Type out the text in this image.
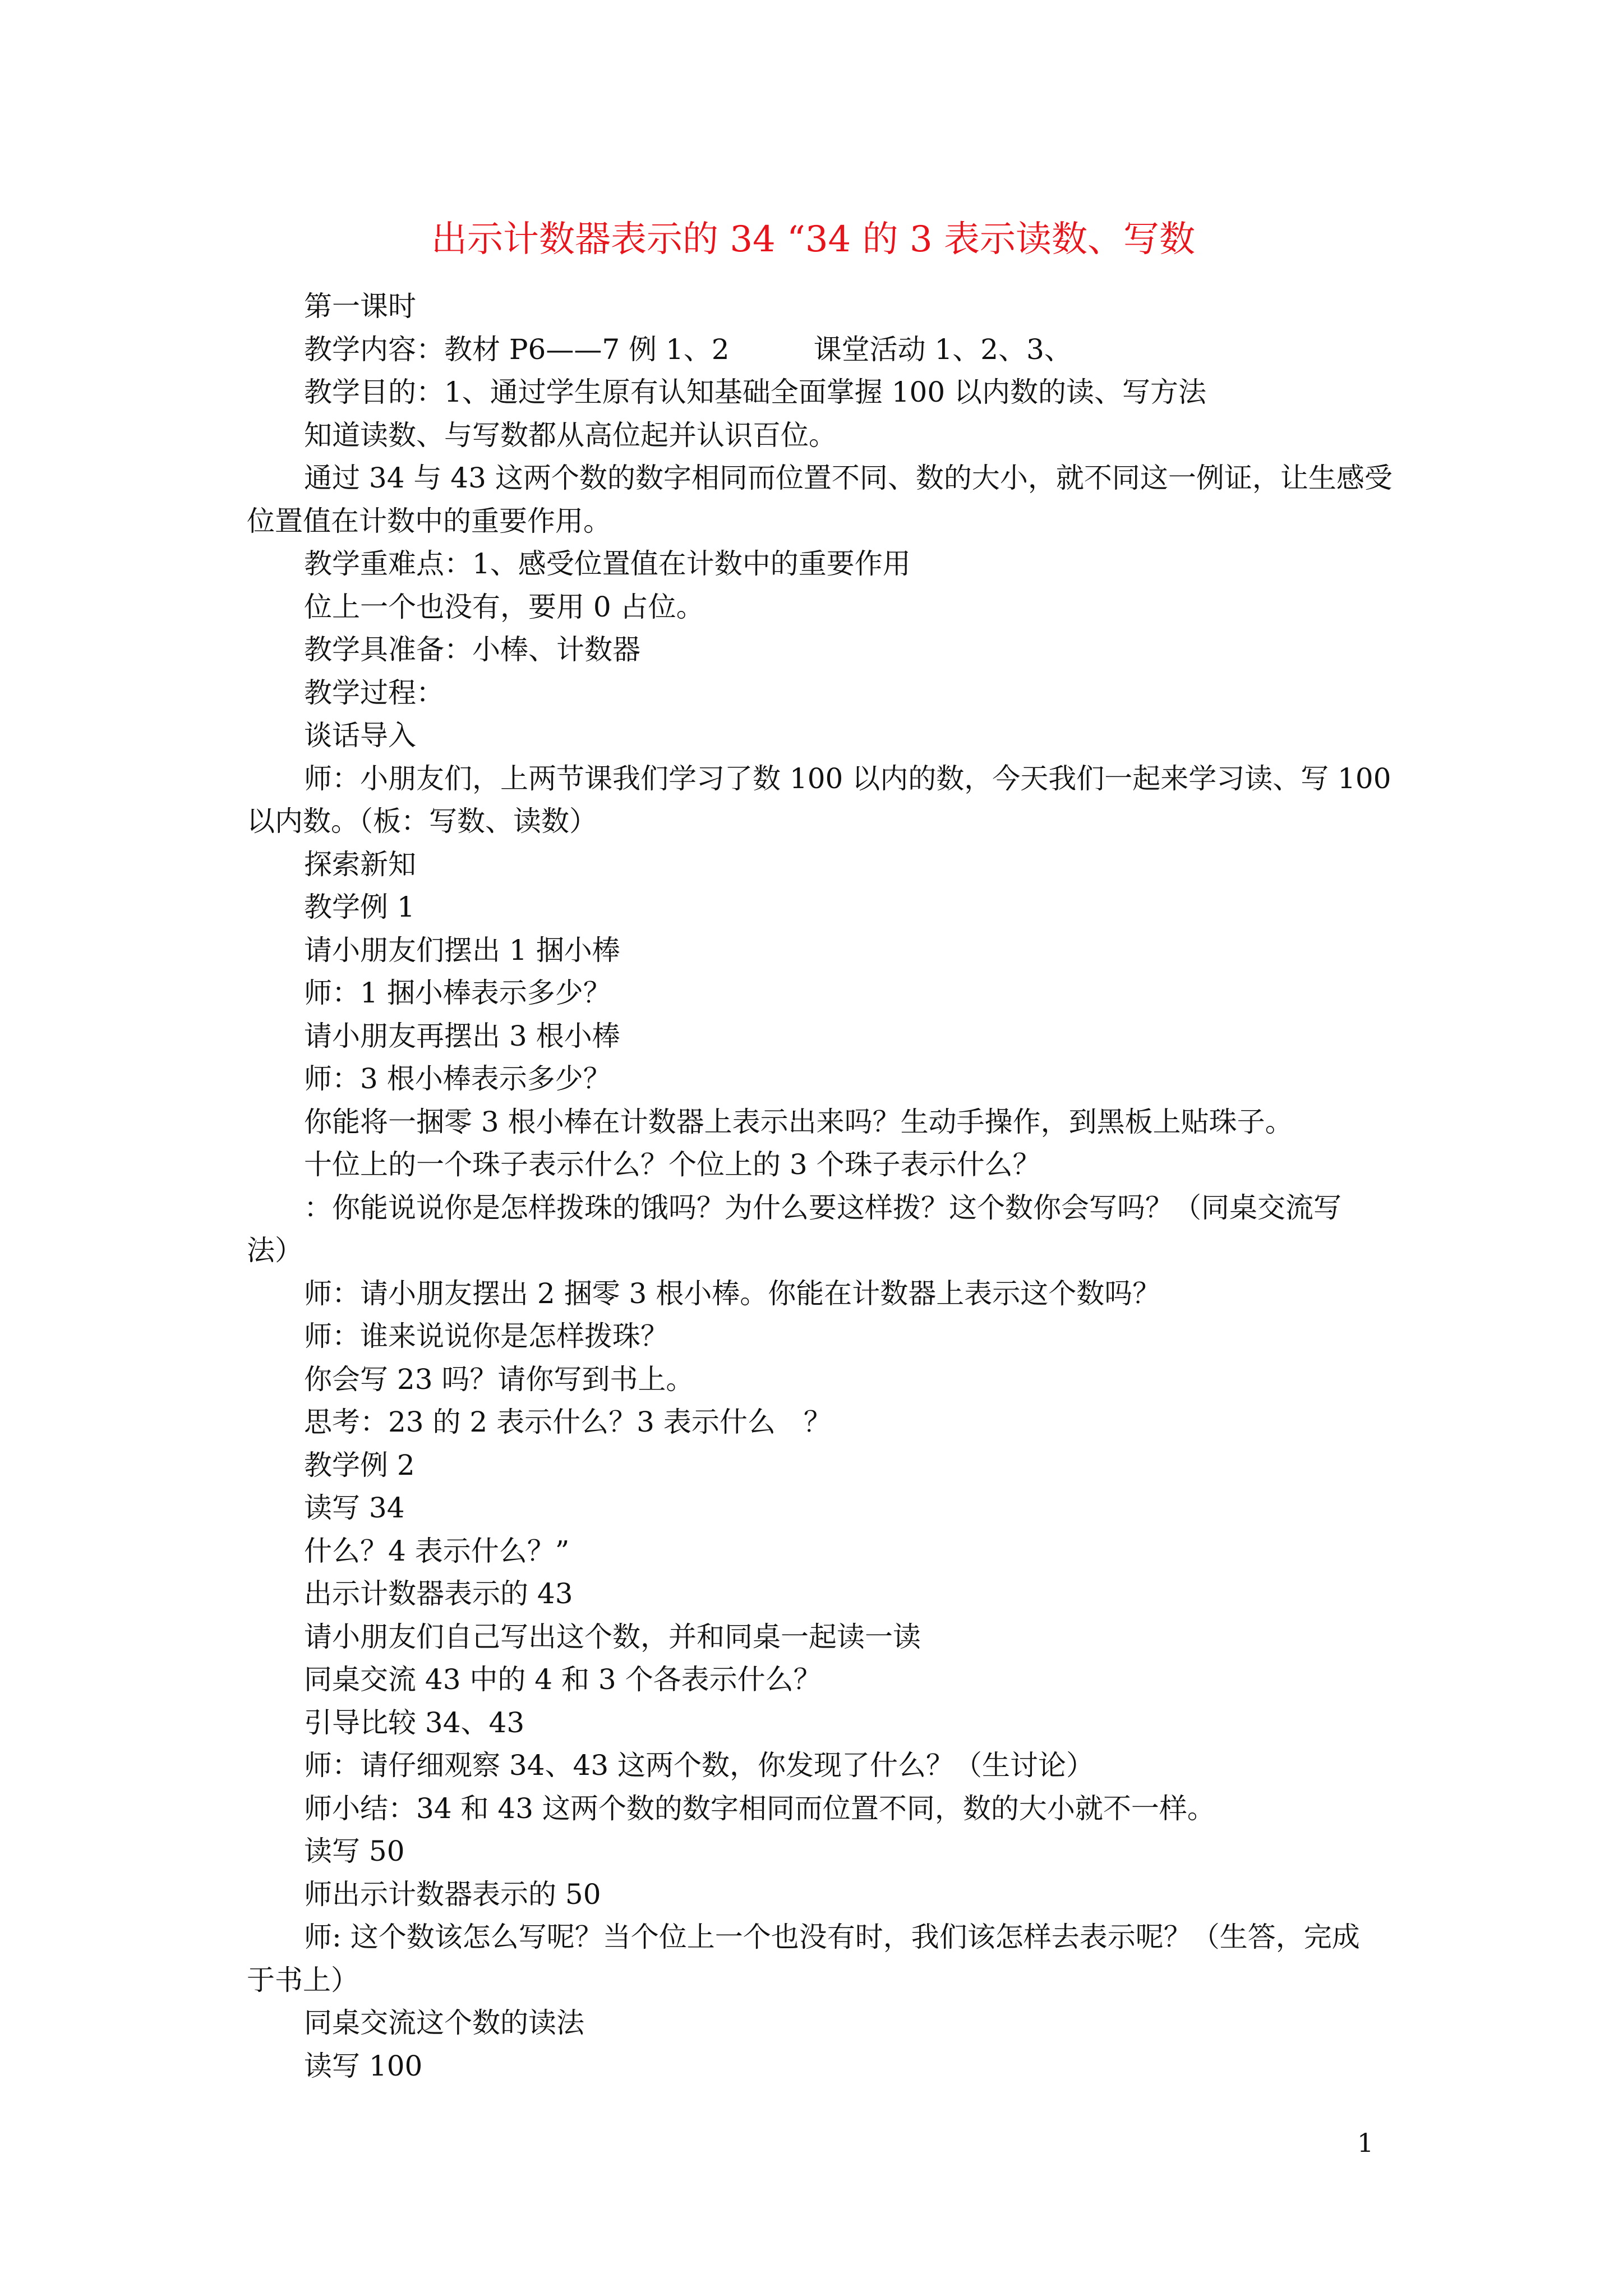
出示计数器表示的 34 “34 的 3 表示读数、写数
第一课时
教学内容：教材 P6——7 例 1、2　　　课堂活动 1、2、3、
教学目的：1、通过学生原有认知基础全面掌握 100 以内数的读、写方法
知道读数、与写数都从高位起并认识百位。
通过 34 与 43 这两个数的数字相同而位置不同、数的大小，就不同这一例证，让生感受
位置值在计数中的重要作用。
教学重难点：1、感受位置值在计数中的重要作用
位上一个也没有，要用 0 占位。
教学具准备：小棒、计数器
教学过程：
谈话导入
师：小朋友们，上两节课我们学习了数 100 以内的数，今天我们一起来学习读、写 100
以内数。（板：写数、读数）
探索新知
教学例 1
请小朋友们摆出 1 捆小棒
师：1 捆小棒表示多少？
请小朋友再摆出 3 根小棒
师：3 根小棒表示多少？
你能将一捆零 3 根小棒在计数器上表示出来吗？生动手操作，到黑板上贴珠子。
十位上的一个珠子表示什么？个位上的 3 个珠子表示什么？
：你能说说你是怎样拨珠的饿吗？为什么要这样拨？这个数你会写吗？（同桌交流写
法）
师：请小朋友摆出 2 捆零 3 根小棒。你能在计数器上表示这个数吗？
师：谁来说说你是怎样拨珠？
你会写 23 吗？请你写到书上。
思考：23 的 2 表示什么？3 表示什么　？
教学例 2
读写 34
什么？4 表示什么？”
出示计数器表示的 43
请小朋友们自己写出这个数，并和同桌一起读一读
同桌交流 43 中的 4 和 3 个各表示什么？
引导比较 34、43
师：请仔细观察 34、43 这两个数，你发现了什么？（生讨论）
师小结：34 和 43 这两个数的数字相同而位置不同，数的大小就不一样。
读写 50
师出示计数器表示的 50
师: 这个数该怎么写呢？当个位上一个也没有时，我们该怎样去表示呢？（生答，完成
于书上）
同桌交流这个数的读法
读写 100
1
